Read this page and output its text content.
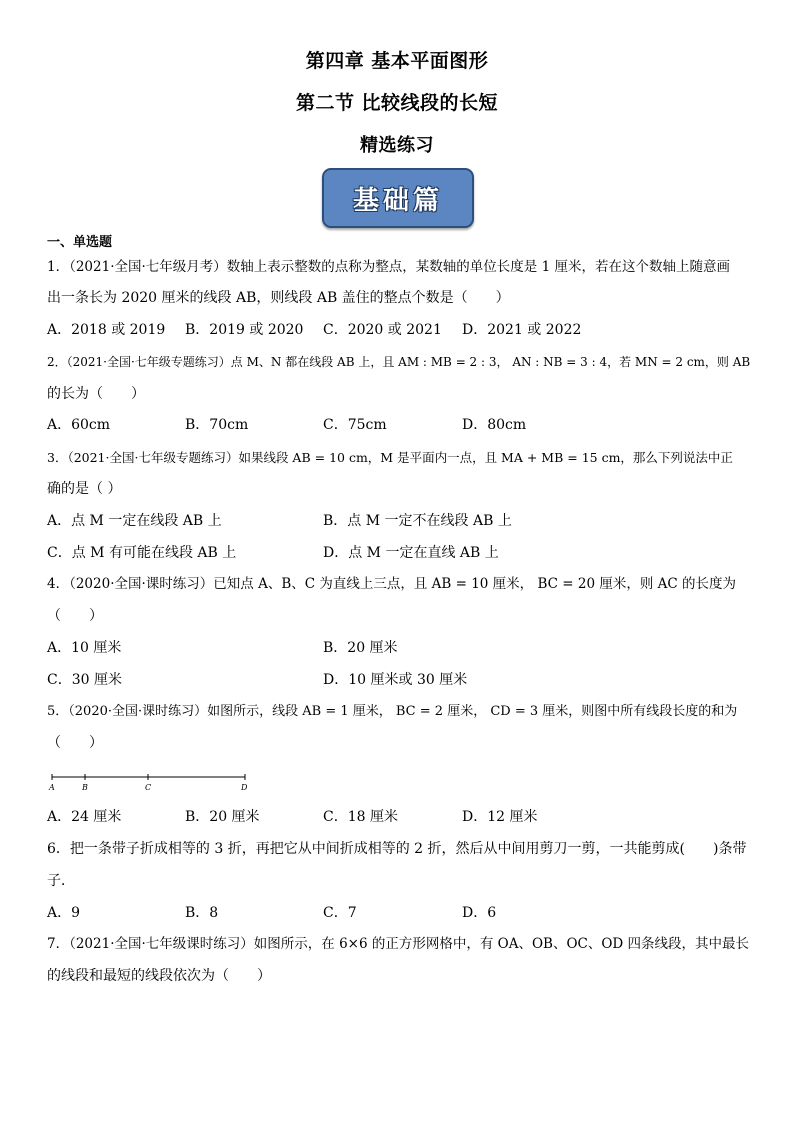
第四章 基本平面图形
第二节 比较线段的长短
精选练习
基础篇
一、单选题
1．（2021·全国·七年级月考）数轴上表示整数的点称为整点，某数轴的单位长度是 1 厘米，若在这个数轴上随意画
出一条长为 2020 厘米的线段 AB，则线段 AB 盖住的整点个数是（　　）
A．2018 或 2019 B．2019 或 2020 C．2020 或 2021 D．2021 或 2022
2．（2021·全国·七年级专题练习）点 M、N 都在线段 AB 上，且 AM : MB = 2 : 3， AN : NB = 3 : 4，若 MN = 2 cm，则 AB
的长为（　　）
A．60cm	B．70cm	C．75cm	D．80cm
3．（2021·全国·七年级专题练习）如果线段 AB = 10 cm，M 是平面内一点，且 MA + MB = 15 cm，那么下列说法中正
确的是（ ）
A．点 M 一定在线段 AB 上	B．点 M 一定不在线段 AB 上
C．点 M 有可能在线段 AB 上	D．点 M 一定在直线 AB 上
4．（2020·全国·课时练习）已知点 A、B、C 为直线上三点，且 AB = 10 厘米， BC = 20 厘米，则 AC 的长度为
（　　）
A．10 厘米	B．20 厘米
C．30 厘米	D．10 厘米或 30 厘米
5．（2020·全国·课时练习）如图所示，线段 AB = 1 厘米， BC = 2 厘米， CD = 3 厘米，则图中所有线段长度的和为
（　　）
A	B	C	D
A．24 厘米	B．20 厘米	C．18 厘米	D．12 厘米
6．把一条带子折成相等的 3 折，再把它从中间折成相等的 2 折，然后从中间用剪刀一剪，一共能剪成(　　)条带
子．
A．9	B．8	C．7	D．6
7．（2021·全国·七年级课时练习）如图所示，在 6×6 的正方形网格中，有 OA、OB、OC、OD 四条线段，其中最长
的线段和最短的线段依次为（　　）
